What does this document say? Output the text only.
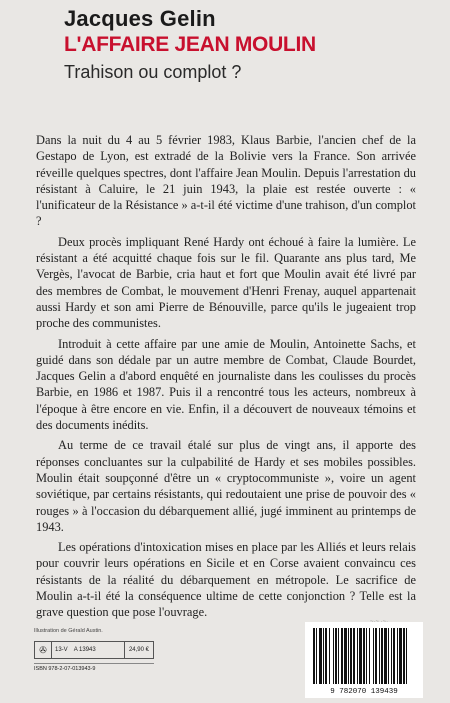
Jacques Gelin
L'AFFAIRE JEAN MOULIN
Trahison ou complot ?

Dans la nuit du 4 au 5 février 1983, Klaus Barbie, l'ancien chef de la Gestapo de Lyon, est extradé de la Bolivie vers la France. Son arrivée réveille quelques spectres, dont l'affaire Jean Moulin. Depuis l'arrestation du résistant à Caluire, le 21 juin 1943, la plaie est restée ouverte : « l'unificateur de la Résistance » a-t-il été victime d'une trahison, d'un complot ?

Deux procès impliquant René Hardy ont échoué à faire la lumière. Le résistant a été acquitté chaque fois sur le fil. Quarante ans plus tard, Me Vergès, l'avocat de Barbie, cria haut et fort que Moulin avait été livré par des membres de Combat, le mouvement d'Henri Frenay, auquel appartenait aussi Hardy et son ami Pierre de Bénouville, parce qu'ils le jugeaient trop proche des communistes.

Introduit à cette affaire par une amie de Moulin, Antoinette Sachs, et guidé dans son dédale par un autre membre de Combat, Claude Bourdet, Jacques Gelin a d'abord enquêté en journaliste dans les coulisses du procès Barbie, en 1986 et 1987. Puis il a rencontré tous les acteurs, nombreux à l'époque à être encore en vie. Enfin, il a découvert de nouveaux témoins et des documents inédits.

Au terme de ce travail étalé sur plus de vingt ans, il apporte des réponses concluantes sur la culpabilité de Hardy et ses mobiles possibles. Moulin était soupçonné d'être un « cryptocommuniste », voire un agent soviétique, par certains résistants, qui redoutaient une prise de pouvoir des « rouges » à l'occasion du débarquement allié, jugé imminent au printemps de 1943.

Les opérations d'intoxication mises en place par les Alliés et leurs relais pour couvrir leurs opérations en Sicile et en Corse avaient convaincu ces résistants de la réalité du débarquement en métropole. Le sacrifice de Moulin a-t-il été la conséquence ultime de cette conjonction ? Telle est la grave question que pose l'ouvrage.

Illustration de Gérald Austin.
✇	13-V	A 13943	24,90 €
ISBN 978-2-07-013943-9
9 782070 139439
